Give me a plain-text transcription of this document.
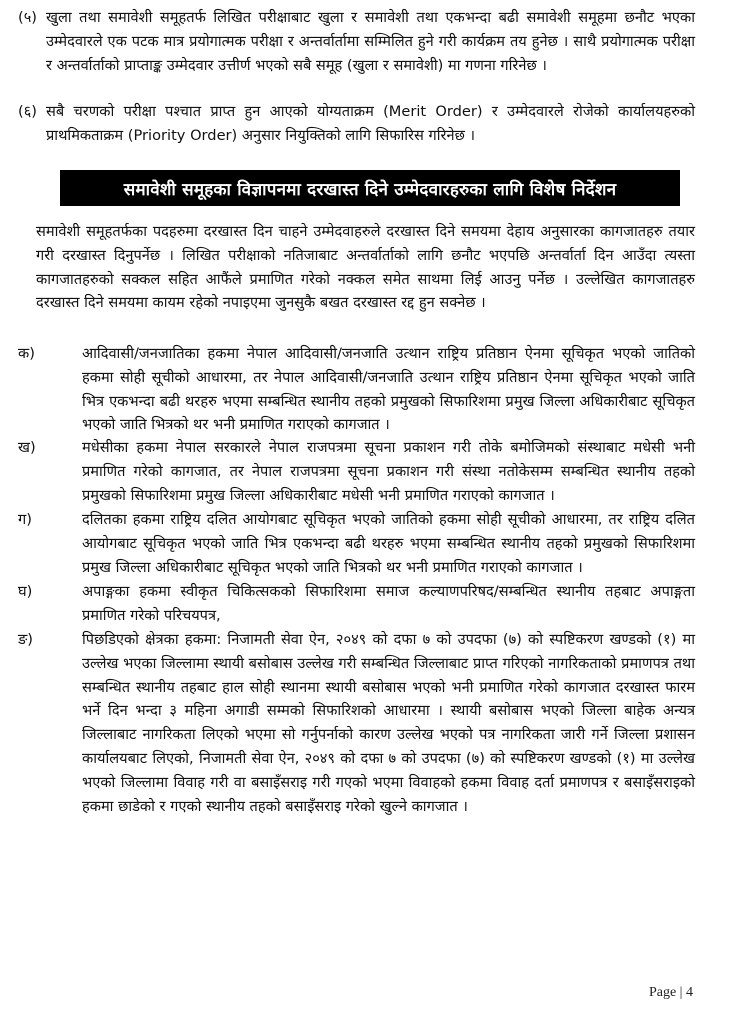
(५) खुला तथा समावेशी समूहतर्फ लिखित परीक्षाबाट खुला र समावेशी तथा एकभन्दा बढी समावेशी समूहमा छनौट भएका उम्मेदवारले एक पटक मात्र प्रयोगात्मक परीक्षा र अन्तर्वार्तामा सम्मिलित हुने गरी कार्यक्रम तय हुनेछ । साथै प्रयोगात्मक परीक्षा र अन्तर्वार्ताको प्राप्ताङ्क उम्मेदवार उत्तीर्ण भएको सबै समूह (खुला र समावेशी) मा गणना गरिनेछ ।
(६) सबै चरणको परीक्षा पश्चात प्राप्त हुन आएको योग्यताक्रम (Merit Order) र उम्मेदवारले रोजेको कार्यालयहरुको प्राथमिकताक्रम (Priority Order) अनुसार नियुक्तिको लागि सिफारिस गरिनेछ ।
समावेशी समूहका विज्ञापनमा दरखास्त दिने उम्मेदवारहरुका लागि विशेष निर्देशन
समावेशी समूहतर्फका पदहरुमा दरखास्त दिन चाहने उम्मेदवाहरुले दरखास्त दिने समयमा देहाय अनुसारका कागजातहरु तयार गरी दरखास्त दिनुपर्नेछ । लिखित परीक्षाको नतिजाबाट अन्तर्वार्ताको लागि छनौट भएपछि अन्तर्वार्ता दिन आउँदा त्यस्ता कागजातहरुको सक्कल सहित आफैंले प्रमाणित गरेको नक्कल समेत साथमा लिई आउनु पर्नेछ । उल्लेखित कागजातहरु दरखास्त दिने समयमा कायम रहेको नपाइएमा जुनसुकै बखत दरखास्त रद्द हुन सक्नेछ ।
क)	आदिवासी/जनजातिका हकमा नेपाल आदिवासी/जनजाति उत्थान राष्ट्रिय प्रतिष्ठान ऐनमा सूचिकृत भएको जातिको हकमा सोही सूचीको आधारमा, तर नेपाल आदिवासी/जनजाति उत्थान राष्ट्रिय प्रतिष्ठान ऐनमा सूचिकृत भएको जाति भित्र एकभन्दा बढी थरहरु भएमा सम्बन्धित स्थानीय तहको प्रमुखको सिफारिशमा प्रमुख जिल्ला अधिकारीबाट सूचिकृत भएको जाति भित्रको थर भनी प्रमाणित गराएको कागजात ।
ख)	मधेसीका हकमा नेपाल सरकारले नेपाल राजपत्रमा सूचना प्रकाशन गरी तोके बमोजिमको संस्थाबाट मधेसी भनी प्रमाणित गरेको कागजात, तर नेपाल राजपत्रमा सूचना प्रकाशन गरी संस्था नतोकेसम्म सम्बन्धित स्थानीय तहको प्रमुखको सिफारिशमा प्रमुख जिल्ला अधिकारीबाट मधेसी भनी प्रमाणित गराएको कागजात ।
ग)	दलितका हकमा राष्ट्रिय दलित आयोगबाट सूचिकृत भएको जातिको हकमा सोही सूचीको आधारमा, तर राष्ट्रिय दलित आयोगबाट सूचिकृत भएको जाति भित्र एकभन्दा बढी थरहरु भएमा सम्बन्धित स्थानीय तहको प्रमुखको सिफारिशमा प्रमुख जिल्ला अधिकारीबाट सूचिकृत भएको जाति भित्रको थर भनी प्रमाणित गराएको कागजात ।
घ)	अपाङ्गका हकमा स्वीकृत चिकित्सकको सिफारिशमा समाज कल्याणपरिषद/सम्बन्धित स्थानीय तहबाट अपाङ्गता प्रमाणित गरेको परिचयपत्र,
ङ)	पिछडिएको क्षेत्रका हकमा: निजामती सेवा ऐन, २०४९ को दफा ७ को उपदफा (७) को स्पष्टिकरण खण्डको (१) मा उल्लेख भएका जिल्लामा स्थायी बसोबास उल्लेख गरी सम्बन्धित जिल्लाबाट प्राप्त गरिएको नागरिकताको प्रमाणपत्र तथा सम्बन्धित स्थानीय तहबाट हाल सोही स्थानमा स्थायी बसोबास भएको भनी प्रमाणित गरेको कागजात दरखास्त फारम भर्ने दिन भन्दा ३ महिना अगाडी सम्मको सिफारिशको आधारमा । स्थायी बसोबास भएको जिल्ला बाहेक अन्यत्र जिल्लाबाट नागरिकता लिएको भएमा सो गर्नुपर्नाको कारण उल्लेख भएको पत्र नागरिकता जारी गर्ने जिल्ला प्रशासन कार्यालयबाट लिएको, निजामती सेवा ऐन, २०४९ को दफा ७ को उपदफा (७) को स्पष्टिकरण खण्डको (१) मा उल्लेख भएको जिल्लामा विवाह गरी वा बसाइँसराइ गरी गएको भएमा विवाहको हकमा विवाह दर्ता प्रमाणपत्र र बसाइँसराइको हकमा छाडेको र गएको स्थानीय तहको बसाइँसराइ गरेको खुल्ने कागजात ।
Page | 4
